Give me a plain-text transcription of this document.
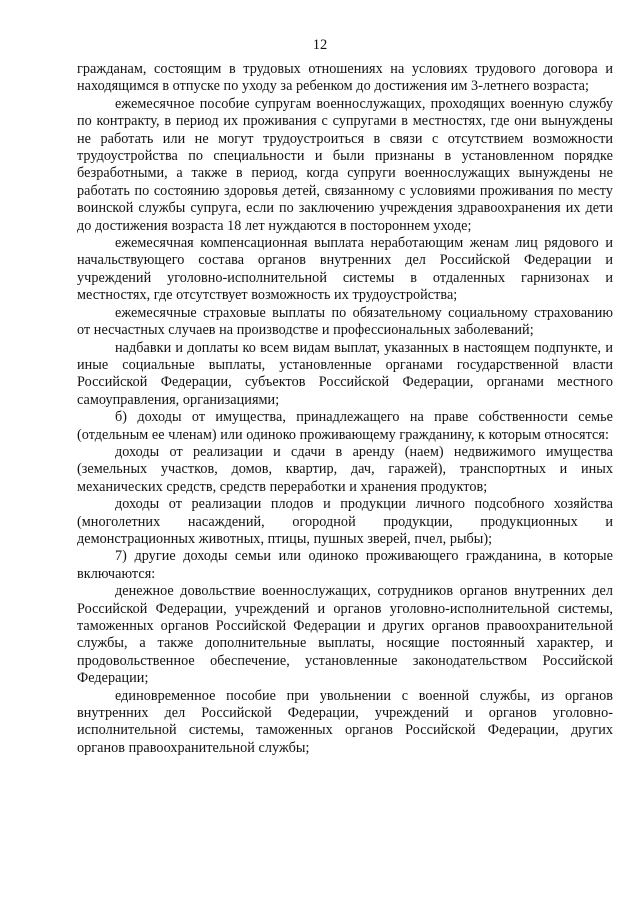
12

гражданам, состоящим в трудовых отношениях на условиях трудового договора и находящимся в отпуске по уходу за ребенком до достижения им 3-летнего возраста;

ежемесячное пособие супругам военнослужащих, проходящих военную службу по контракту, в период их проживания с супругами в местностях, где они вынуждены не работать или не могут трудоустроиться в связи с отсутствием возможности трудоустройства по специальности и были признаны в установленном порядке безработными, а также в период, когда супруги военнослужащих вынуждены не работать по состоянию здоровья детей, связанному с условиями проживания по месту воинской службы супруга, если по заключению учреждения здравоохранения их дети до достижения возраста 18 лет нуждаются в постороннем уходе;

ежемесячная компенсационная выплата неработающим женам лиц рядового и начальствующего состава органов внутренних дел Российской Федерации и учреждений уголовно-исполнительной системы в отдаленных гарнизонах и местностях, где отсутствует возможность их трудоустройства;

ежемесячные страховые выплаты по обязательному социальному страхованию от несчастных случаев на производстве и профессиональных заболеваний;

надбавки и доплаты ко всем видам выплат, указанных в настоящем подпункте, и иные социальные выплаты, установленные органами государственной власти Российской Федерации, субъектов Российской Федерации, органами местного самоуправления, организациями;

б) доходы от имущества, принадлежащего на праве собственности семье (отдельным ее членам) или одиноко проживающему гражданину, к которым относятся:

доходы от реализации и сдачи в аренду (наем) недвижимого имущества (земельных участков, домов, квартир, дач, гаражей), транспортных и иных механических средств, средств переработки и хранения продуктов;

доходы от реализации плодов и продукции личного подсобного хозяйства (многолетних насаждений, огородной продукции, продукционных и демонстрационных животных, птицы, пушных зверей, пчел, рыбы);

7) другие доходы семьи или одиноко проживающего гражданина, в которые включаются:

денежное довольствие военнослужащих, сотрудников органов внутренних дел Российской Федерации, учреждений и органов уголовно-исполнительной системы, таможенных органов Российской Федерации и других органов правоохранительной службы, а также дополнительные выплаты, носящие постоянный характер, и продовольственное обеспечение, установленные законодательством Российской Федерации;

единовременное пособие при увольнении с военной службы, из органов внутренних дел Российской Федерации, учреждений и органов уголовно-исполнительной системы, таможенных органов Российской Федерации, других органов правоохранительной службы;
